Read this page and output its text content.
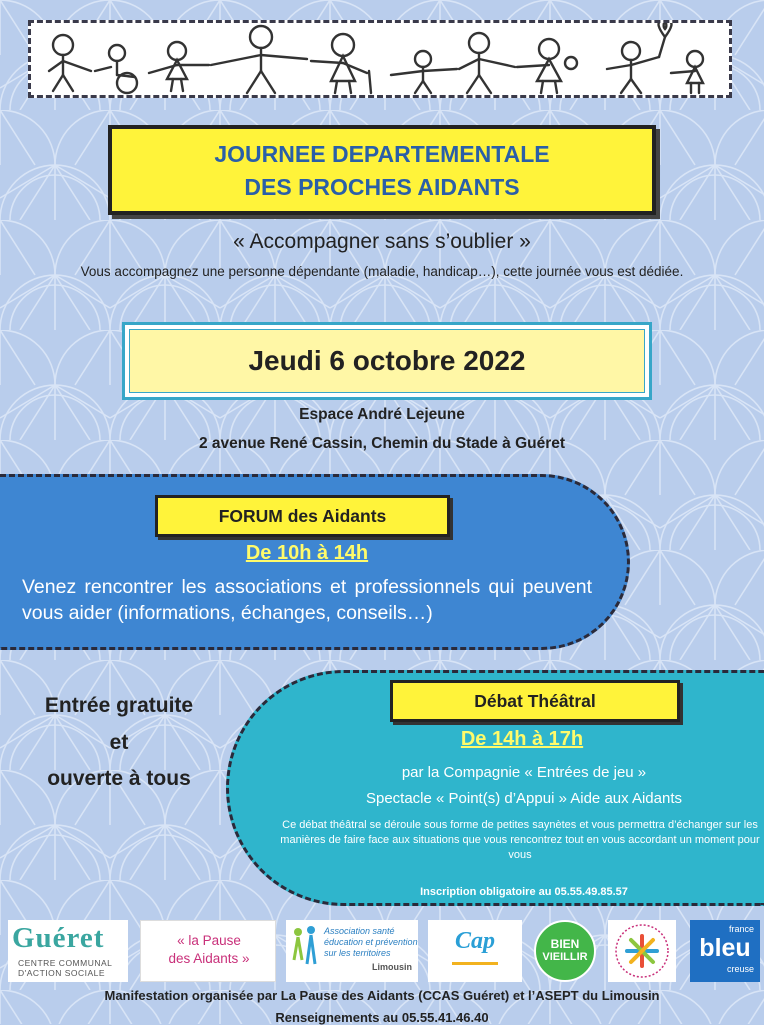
JOURNEE DEPARTEMENTALE
DES PROCHES AIDANTS
« Accompagner sans s’oublier »
Vous accompagnez une personne dépendante (maladie, handicap…), cette journée vous est dédiée.
Jeudi 6 octobre 2022
Espace André Lejeune
2 avenue René Cassin, Chemin du Stade à Guéret
FORUM des Aidants
De 10h à 14h
Venez rencontrer les associations et professionnels qui peuvent vous aider (informations, échanges, conseils…)
Entrée gratuite
et
ouverte à tous
Débat Théâtral
De 14h à 17h
par la Compagnie « Entrées de jeu »
Spectacle « Point(s) d’Appui » Aide aux Aidants
Ce débat théâtral se déroule sous forme de petites saynètes et vous permettra d’échanger sur les manières de faire face aux situations que vous rencontrez tout en vous accordant un moment pour vous
Inscription obligatoire au 05.55.49.85.57
Guéret
CENTRE COMMUNAL
D'ACTION SOCIALE
« la Pause
des Aidants »
Association santé
éducation et prévention
sur les territoires
Limousin
Cap	BIEN
VIEILLIR
france
bleu
creuse
Manifestation organisée par La Pause des Aidants (CCAS Guéret) et l’ASEPT du Limousin
Renseignements au 05.55.41.46.40
